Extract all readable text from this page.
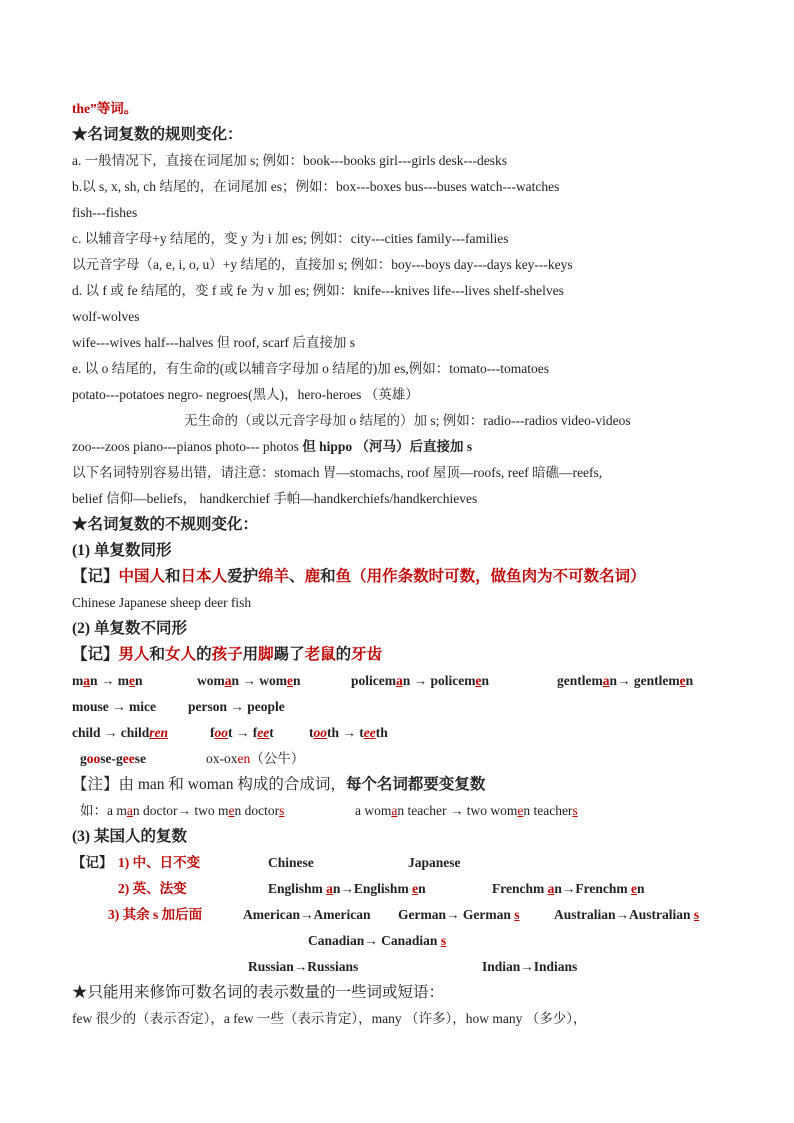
the”等词。
★名词复数的规则变化：
a. 一般情况下，直接在词尾加 s; 例如：book---books girl---girls desk---desks
b.以 s, x, sh, ch 结尾的，在词尾加 es；例如：box---boxes bus---buses watch---watches
fish---fishes
c. 以辅音字母+y 结尾的，变 y 为 i 加 es; 例如：city---cities family---families
以元音字母（a, e, i, o, u）+y 结尾的，直接加 s; 例如：boy---boys day---days key---keys
d. 以 f 或 fe 结尾的，变 f 或 fe 为 v 加 es; 例如：knife---knives life---lives shelf-shelves
wolf-wolves
wife---wives half---halves 但 roof, scarf 后直接加 s
e. 以 o 结尾的，有生命的(或以辅音字母加 o 结尾的)加 es,例如：tomato---tomatoes
potato---potatoes negro- negroes(黑人)，hero-heroes （英雄）
无生命的（或以元音字母加 o 结尾的）加 s; 例如：radio---radios video-videos
zoo---zoos piano---pianos photo--- photos 但 hippo （河马）后直接加 s
以下名词特别容易出错，请注意：stomach 胃—stomachs, roof 屋顶—roofs, reef 暗礁—reefs,
belief 信仰—beliefs， handkerchief 手帕—handkerchiefs/handkerchieves
★名词复数的不规则变化：
(1) 单复数同形
【记】中国人和日本人爱护绵羊、鹿和鱼（用作条数时可数，做鱼肉为不可数名词）
Chinese Japanese sheep deer fish
(2) 单复数不同形
【记】男人和女人的孩子用脚踢了老鼠的牙齿
man → men	woman → women	policeman → policemen	gentleman→ gentlemen
mouse → mice person → people
child → children	foot → feet	tooth → teeth
goose-geese	ox-oxen（公牛）
【注】由 man 和 woman 构成的合成词，每个名词都要变复数
如：a man doctor→ two men doctors	a woman teacher → two women teachers
(3) 某国人的复数
【记】 1) 中、日不变	Chinese	Japanese
2) 英、法变	Englishm an→Englishm en	Frenchm an→Frenchm en
3) 其余 s 加后面	American→American German→ German s	Australian→Australian s
Canadian→ Canadian s
Russian→Russians	Indian→Indians
★只能用来修饰可数名词的表示数量的一些词或短语：
few 很少的（表示否定），a few 一些（表示肯定），many （许多），how many （多少），
